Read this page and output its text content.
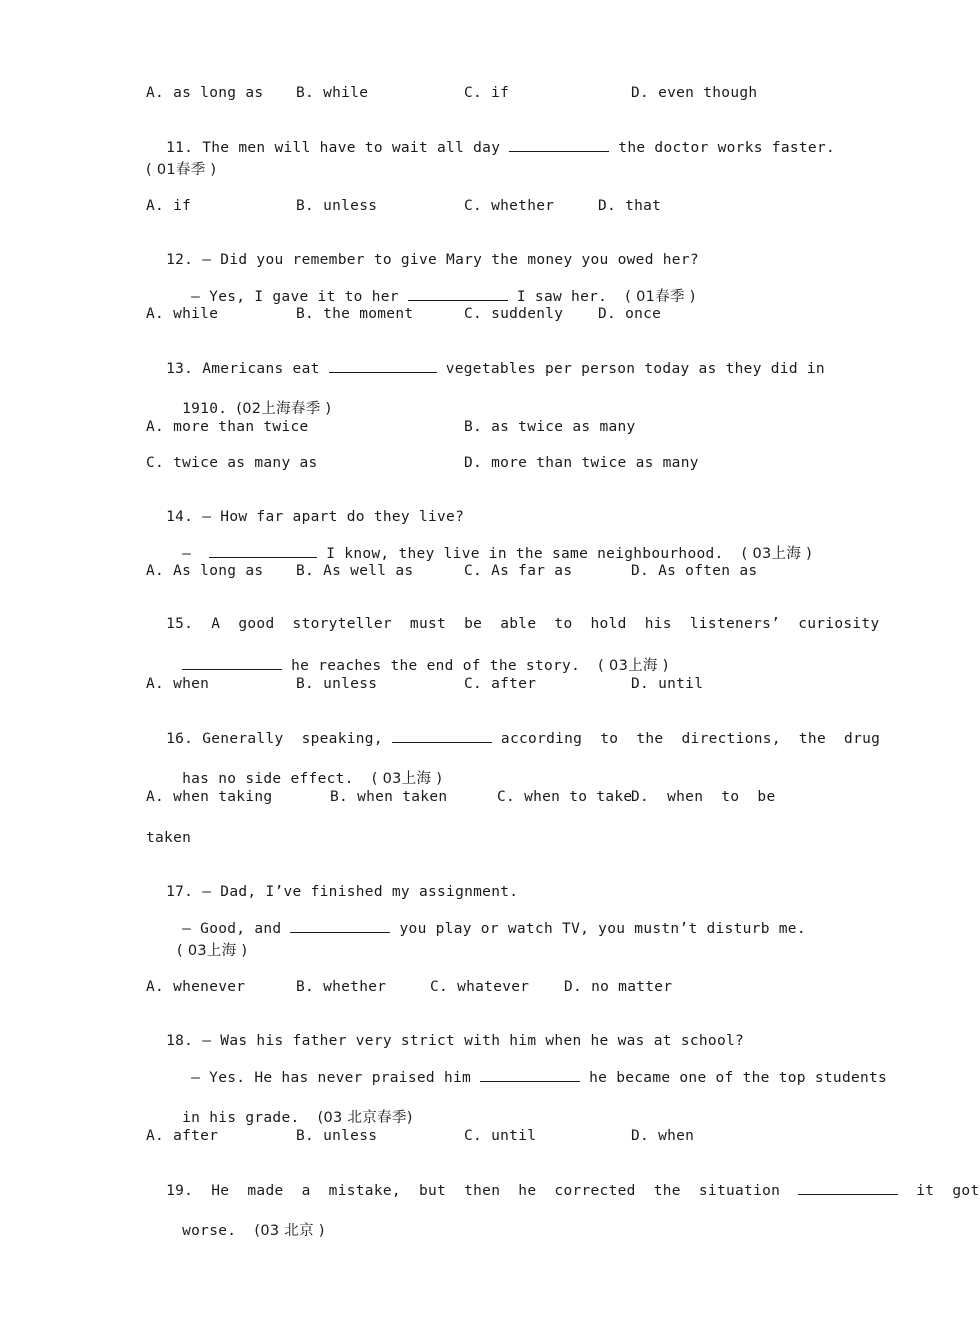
A. as long as B. while	C. if	D. even though

11. The men will have to wait all day	the doctor works faster.

( 01春季 )
A. if	B. unless	C. whether	D. that

12. — Did you remember to give Mary the money you owed her?

— Yes, I gave it to her	I saw her. ( 01春季 )

A. while	B. the moment	C. suddenly D. once

13. Americans eat	vegetables per person today as they did in

1910. (02上海春季 )

A. more than twice	B. as twice as many
C. twice as many as	D. more than twice as many

14. — How far apart do they live?

—	I know, they live in the same neighbourhood. ( 03上海 )

A. As long as B. As well as	C. As far as	D. As often as

15. A  good  storyteller  must  be  able  to  hold  his  listeners’  curiosity

he reaches the end of the story. ( 03上海 )

A. when	B. unless	C. after	D. until

16. Generally  speaking,	according  to  the  directions,  the  drug

has no side effect. ( 03上海 )

A. when taking	B. when taken	C. when to take
D.  when  to  be
taken

17. — Dad, I’ve finished my assignment.

— Good, and	you play or watch TV, you mustn’t disturb me.

( 03上海 )
A. whenever	B. whether	C. whatever D. no matter

18. — Was his father very strict with him when he was at school?

— Yes. He has never praised him	he became one of the top students

in his grade. (03 北京春季)

A. after	B. unless	C. until	D. when

19. He  made  a  mistake,  but  then  he  corrected  the  situation	it  got

worse. (03 北京 )
